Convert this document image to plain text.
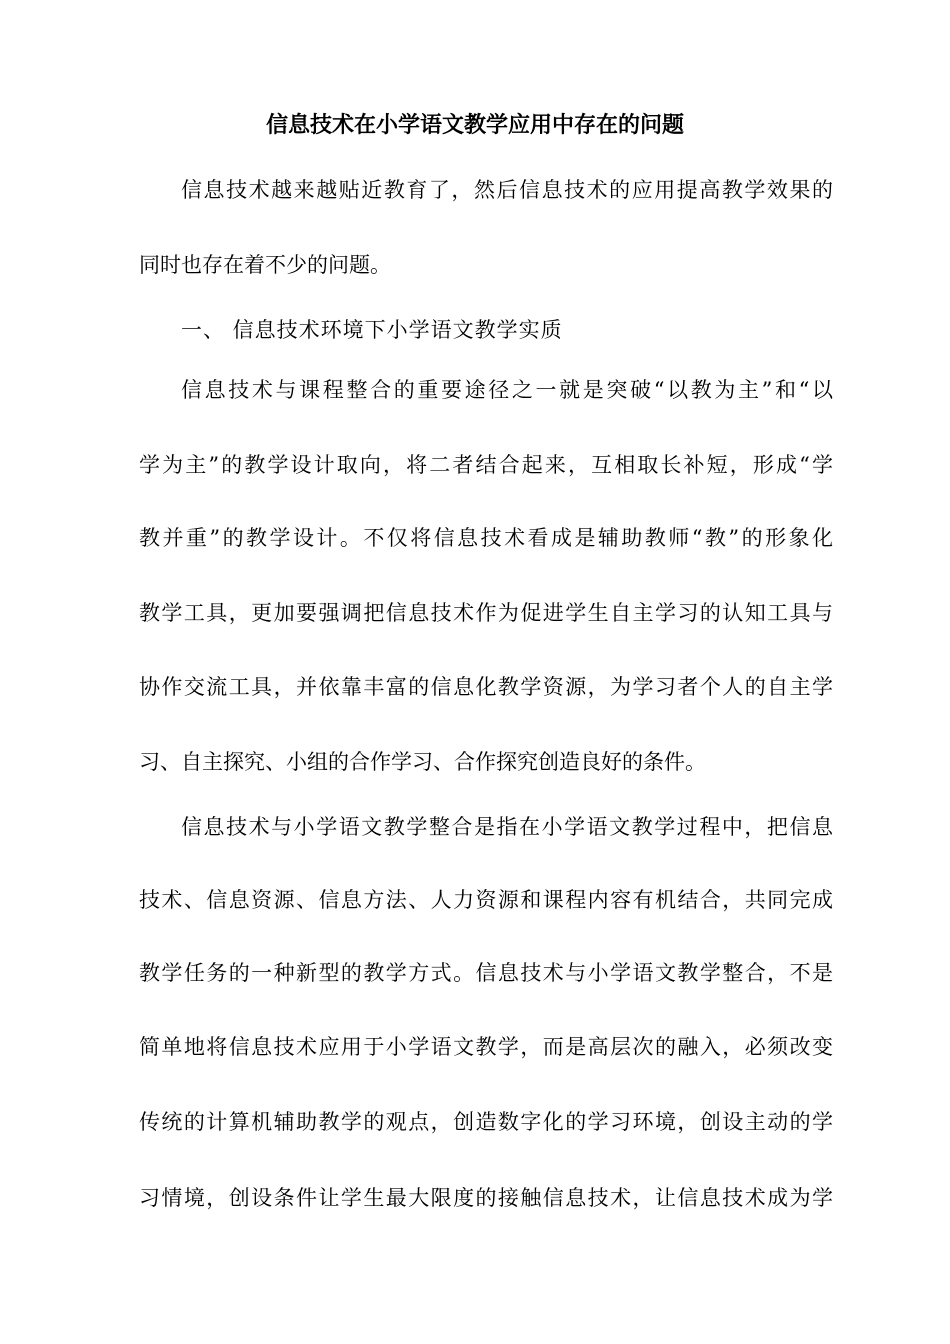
信息技术在小学语文教学应用中存在的问题

信息技术越来越贴近教育了，然后信息技术的应用提高教学效果的

同时也存在着不少的问题。

一、 信息技术环境下小学语文教学实质

信息技术与课程整合的重要途径之一就是突破“以教为主”和“以

学为主”的教学设计取向，将二者结合起来，互相取长补短，形成“学

教并重”的教学设计。不仅将信息技术看成是辅助教师“教”的形象化

教学工具，更加要强调把信息技术作为促进学生自主学习的认知工具与

协作交流工具，并依靠丰富的信息化教学资源，为学习者个人的自主学

习、自主探究、小组的合作学习、合作探究创造良好的条件。

信息技术与小学语文教学整合是指在小学语文教学过程中，把信息

技术、信息资源、信息方法、人力资源和课程内容有机结合，共同完成

教学任务的一种新型的教学方式。信息技术与小学语文教学整合，不是

简单地将信息技术应用于小学语文教学，而是高层次的融入，必须改变

传统的计算机辅助教学的观点，创造数字化的学习环境，创设主动的学

习情境，创设条件让学生最大限度的接触信息技术，让信息技术成为学
